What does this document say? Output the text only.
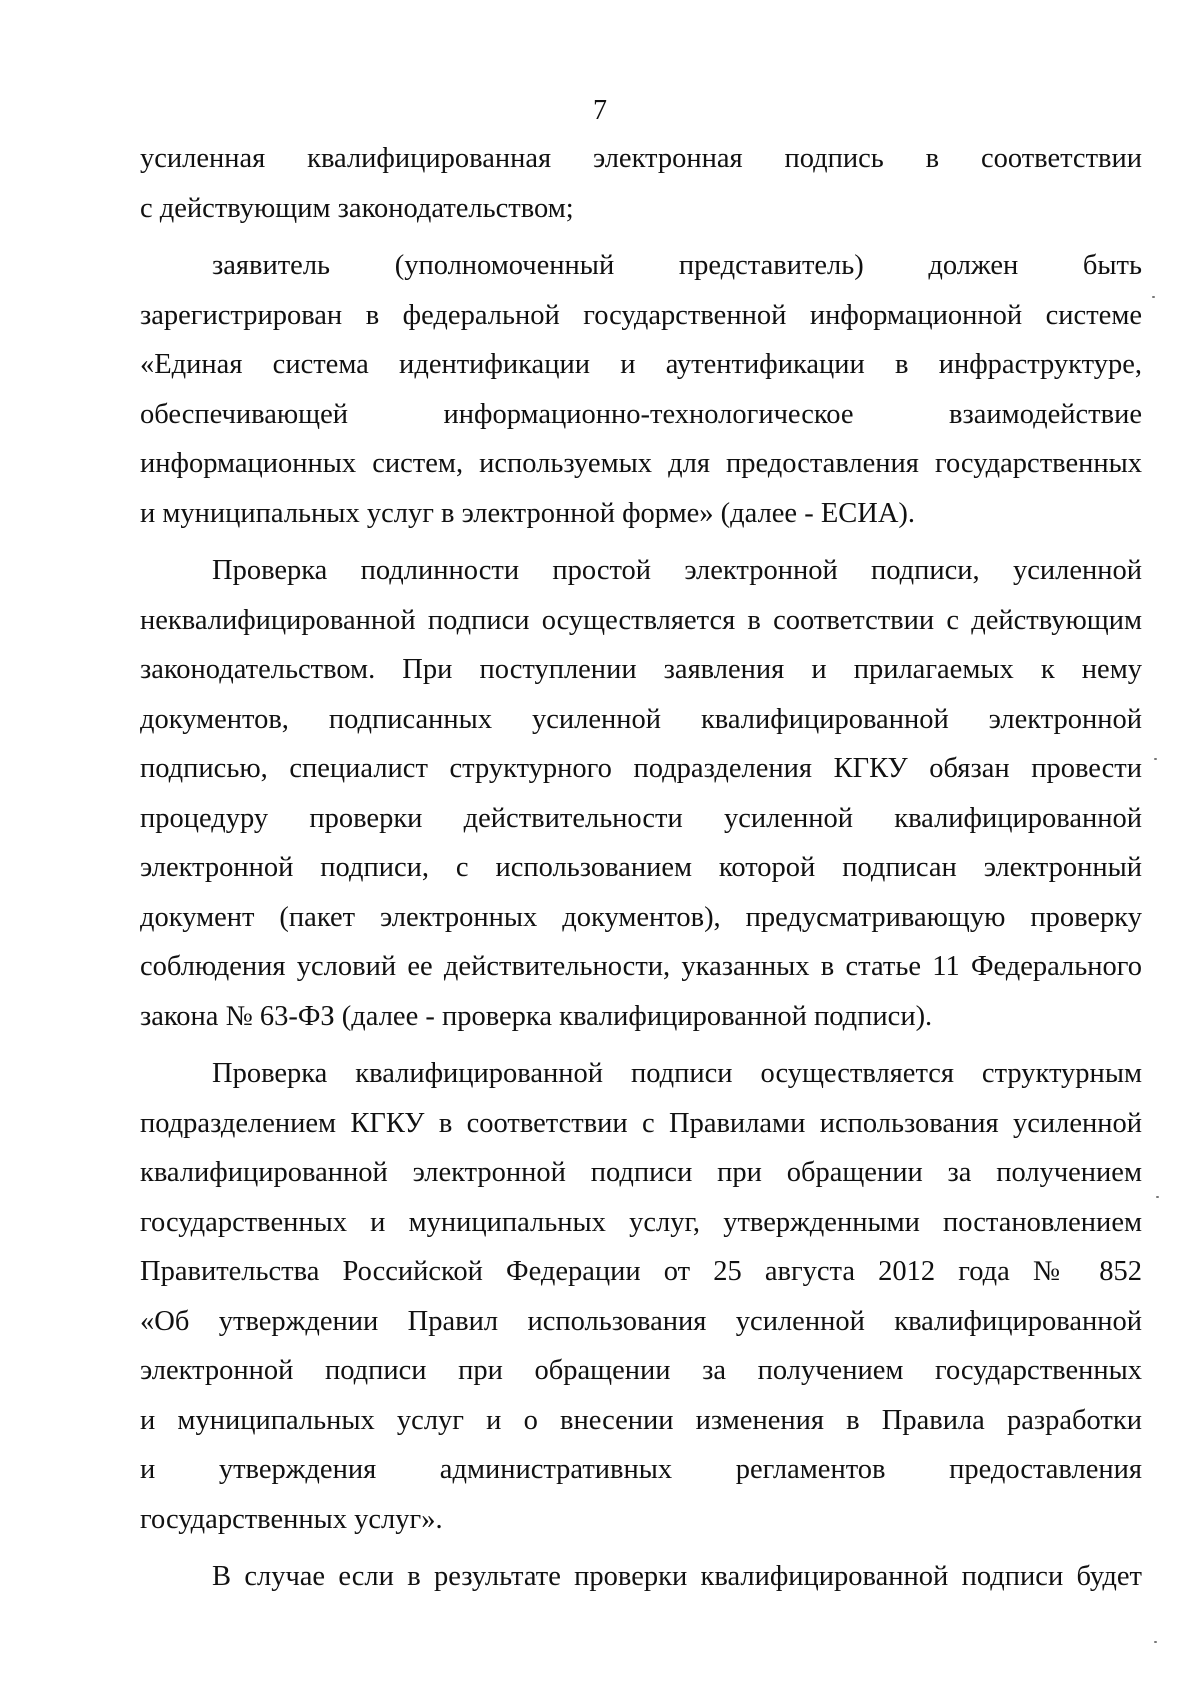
7
усиленная квалифицированная электронная подпись в соответствии
с действующим законодательством;
заявитель (уполномоченный представитель) должен быть
зарегистрирован в федеральной государственной информационной системе
«Единая система идентификации и аутентификации в инфраструктуре,
обеспечивающей информационно-технологическое взаимодействие
информационных систем, используемых для предоставления государственных
и муниципальных услуг в электронной форме» (далее - ЕСИА).
Проверка подлинности простой электронной подписи, усиленной
неквалифицированной подписи осуществляется в соответствии с действующим
законодательством. При поступлении заявления и прилагаемых к нему
документов, подписанных усиленной квалифицированной электронной
подписью, специалист структурного подразделения КГКУ обязан провести
процедуру проверки действительности усиленной квалифицированной
электронной подписи, с использованием которой подписан электронный
документ (пакет электронных документов), предусматривающую проверку
соблюдения условий ее действительности, указанных в статье 11 Федерального
закона № 63-ФЗ (далее - проверка квалифицированной подписи).
Проверка квалифицированной подписи осуществляется структурным
подразделением КГКУ в соответствии с Правилами использования усиленной
квалифицированной электронной подписи при обращении за получением
государственных и муниципальных услуг, утвержденными постановлением
Правительства Российской Федерации от 25 августа 2012 года № 852
«Об утверждении Правил использования усиленной квалифицированной
электронной подписи при обращении за получением государственных
и муниципальных услуг и о внесении изменения в Правила разработки
и утверждения административных регламентов предоставления
государственных услуг».
В случае если в результате проверки квалифицированной подписи будет
